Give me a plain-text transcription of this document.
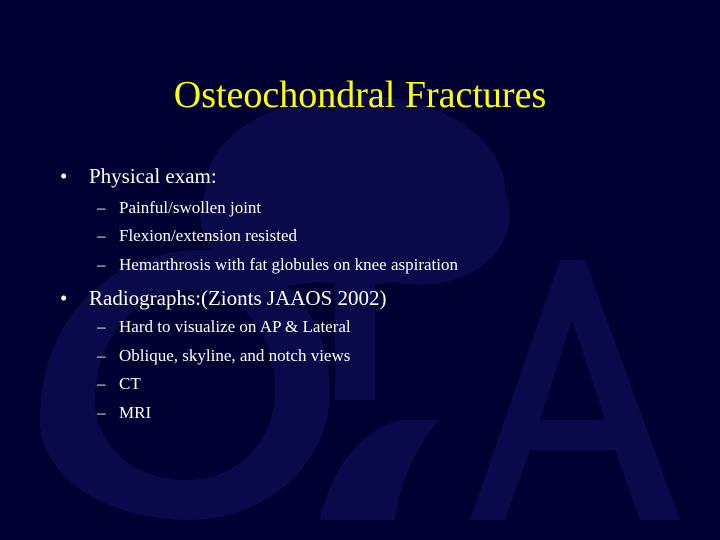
Osteochondral Fractures
• Physical exam:
– Painful/swollen joint
– Flexion/extension resisted
– Hemarthrosis with fat globules on knee aspiration
• Radiographs:(Zionts JAAOS 2002)
– Hard to visualize on AP & Lateral
– Oblique, skyline, and notch views
– CT
– MRI
